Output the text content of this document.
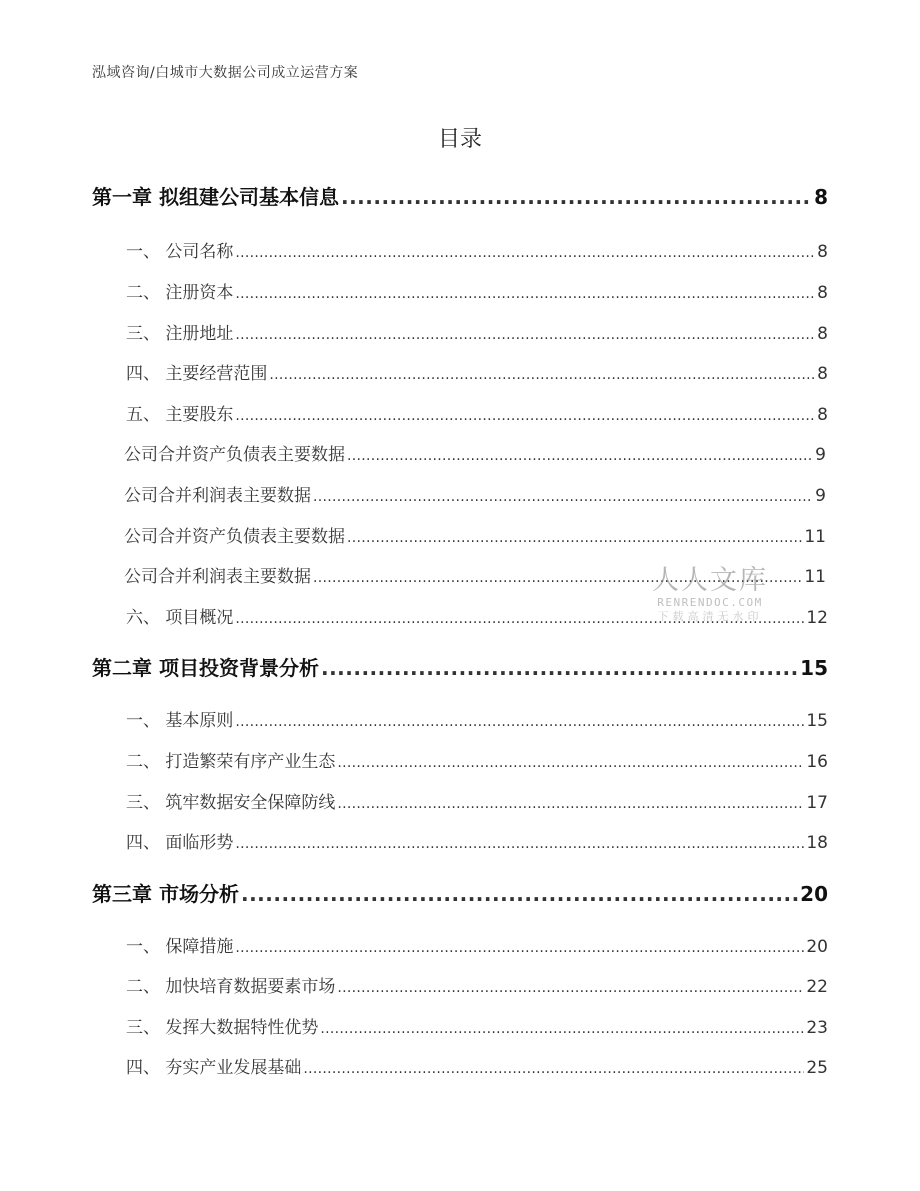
泓域咨询/白城市大数据公司成立运营方案
目录
第一章 拟组建公司基本信息 .....	8
一、 公司名称 .....	8
二、 注册资本 .....	8
三、 注册地址 .....	8
四、 主要经营范围 .....	8
五、 主要股东 .....	8
公司合并资产负债表主要数据 .....	9
公司合并利润表主要数据 .....	9
公司合并资产负债表主要数据 .....	11
公司合并利润表主要数据 .....	11
六、 项目概况 .....	12
第二章 项目投资背景分析 .....	15
一、 基本原则 .....	15
二、 打造繁荣有序产业生态 .....	16
三、 筑牢数据安全保障防线 .....	17
四、 面临形势 .....	18
第三章 市场分析 .....	20
一、 保障措施 .....	20
二、 加快培育数据要素市场 .....	22
三、 发挥大数据特性优势 .....	23
四、 夯实产业发展基础 .....	25
人人文库
RENRENDOC.COM
下载高清无水印
